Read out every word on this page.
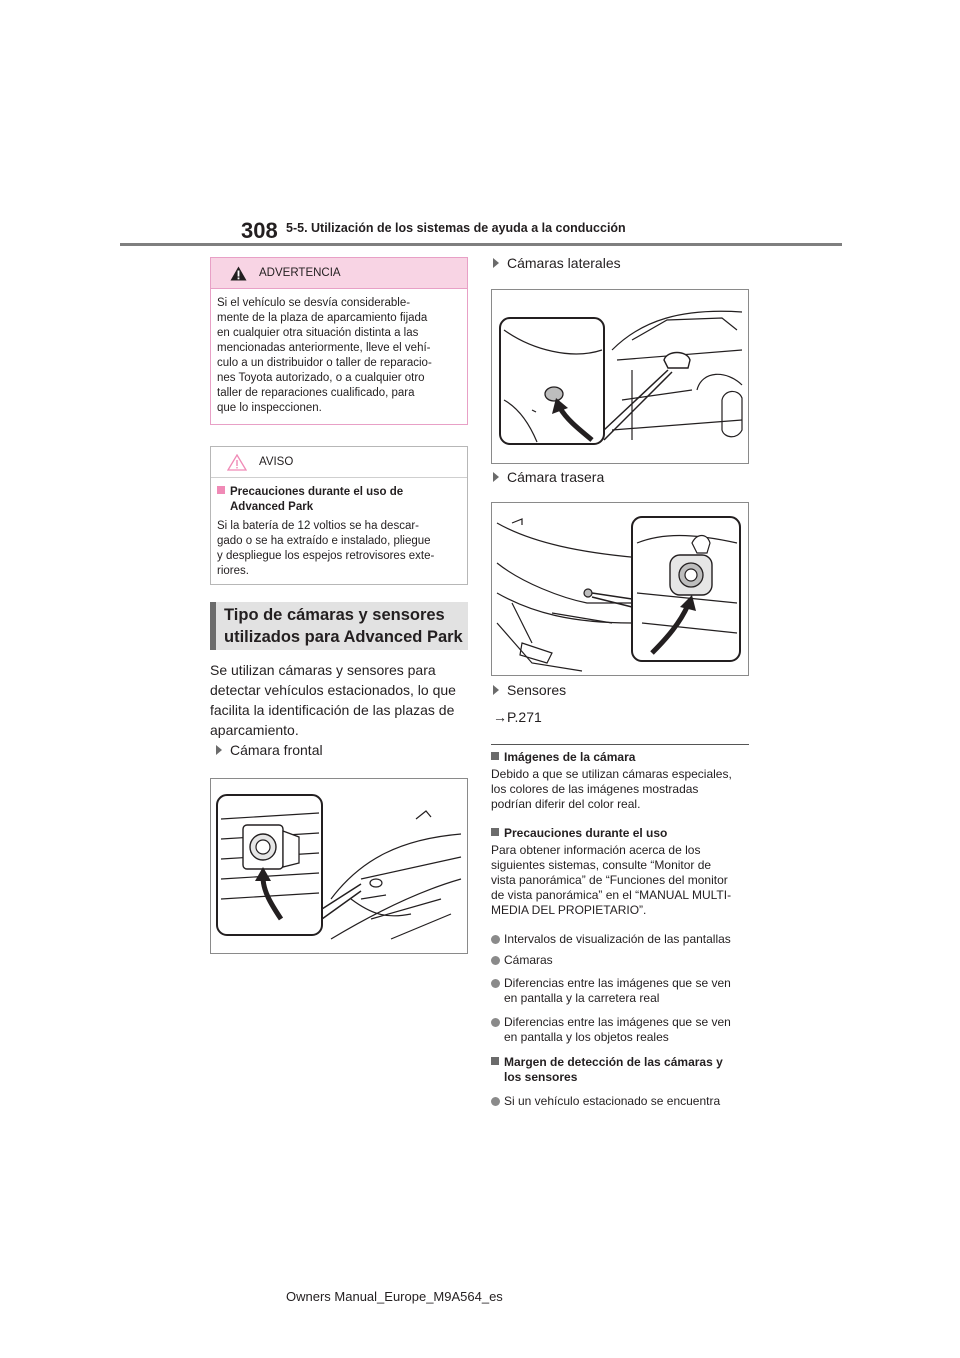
308 5-5. Utilización de los sistemas de ayuda a la conducción
ADVERTENCIA
Si el vehículo se desvía considerable-
mente de la plaza de aparcamiento fijada
en cualquier otra situación distinta a las
mencionadas anteriormente, lleve el vehí-
culo a un distribuidor o taller de reparacio-
nes Toyota autorizado, o a cualquier otro
taller de reparaciones cualificado, para
que lo inspeccionen.
AVISO
Precauciones durante el uso de
Advanced Park
Si la batería de 12 voltios se ha descar-
gado o se ha extraído e instalado, pliegue
y despliegue los espejos retrovisores exte-
riores.
Tipo de cámaras y sensores
utilizados para Advanced Park
Se utilizan cámaras y sensores para
detectar vehículos estacionados, lo que
facilita la identificación de las plazas de
aparcamiento.
Cámara frontal
Cámaras laterales
Cámara trasera
Sensores
→P.271
Imágenes de la cámara
Debido a que se utilizan cámaras especiales,
los colores de las imágenes mostradas
podrían diferir del color real.
Precauciones durante el uso
Para obtener información acerca de los
siguientes sistemas, consulte “Monitor de
vista panorámica” de “Funciones del monitor
de vista panorámica” en el “MANUAL MULTI-
MEDIA DEL PROPIETARIO”.
Intervalos de visualización de las pantallas
Cámaras
Diferencias entre las imágenes que se ven
en pantalla y la carretera real
Diferencias entre las imágenes que se ven
en pantalla y los objetos reales
Margen de detección de las cámaras y
los sensores
Si un vehículo estacionado se encuentra
Owners Manual_Europe_M9A564_es
